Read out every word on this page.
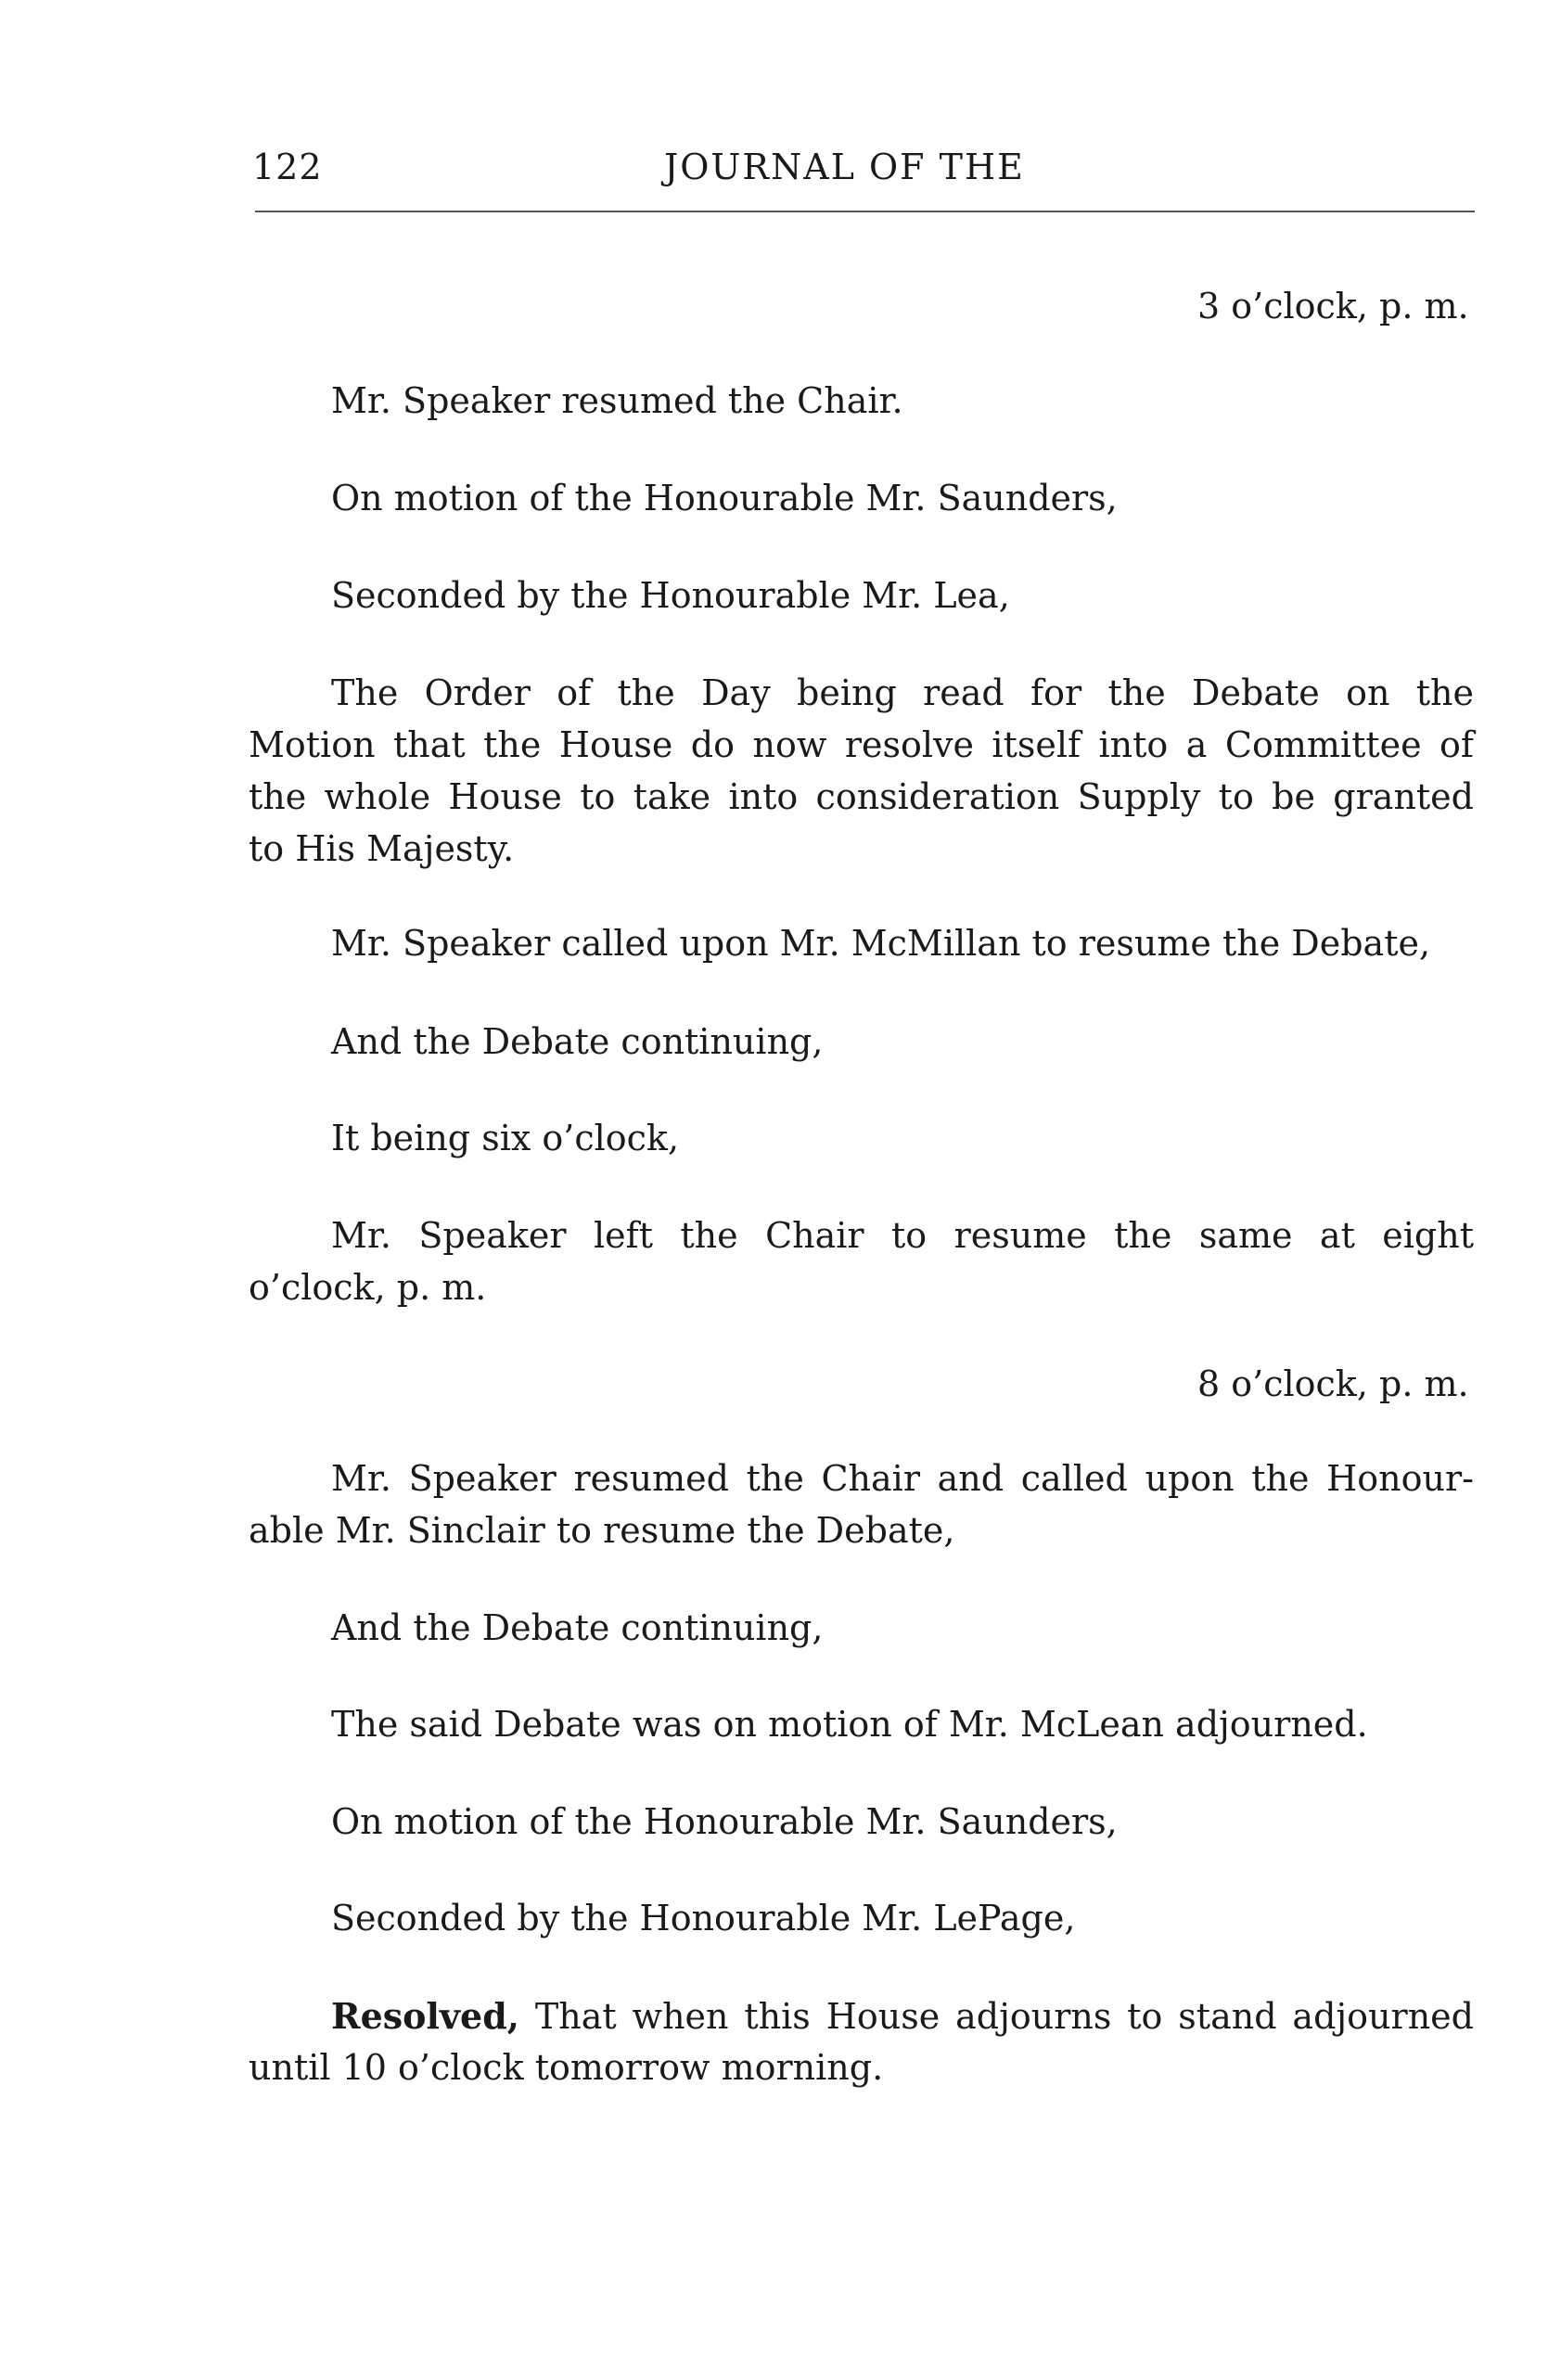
122	JOURNAL OF THE
3 o’clock, p. m.
Mr. Speaker resumed the Chair.
On motion of the Honourable Mr. Saunders,
Seconded by the Honourable Mr. Lea,
The Order of the Day being read for the Debate on the
Motion that the House do now resolve itself into a Committee of
the whole House to take into consideration Supply to be granted
to His Majesty.
Mr. Speaker called upon Mr. McMillan to resume the Debate,
And the Debate continuing,
It being six o’clock,
Mr. Speaker left the Chair to resume the same at eight
o’clock, p. m.
8 o’clock, p. m.
Mr. Speaker resumed the Chair and called upon the Honour-
able Mr. Sinclair to resume the Debate,
And the Debate continuing,
The said Debate was on motion of Mr. McLean adjourned.
On motion of the Honourable Mr. Saunders,
Seconded by the Honourable Mr. LePage,
Resolved, That when this House adjourns to stand adjourned
until 10 o’clock tomorrow morning.
